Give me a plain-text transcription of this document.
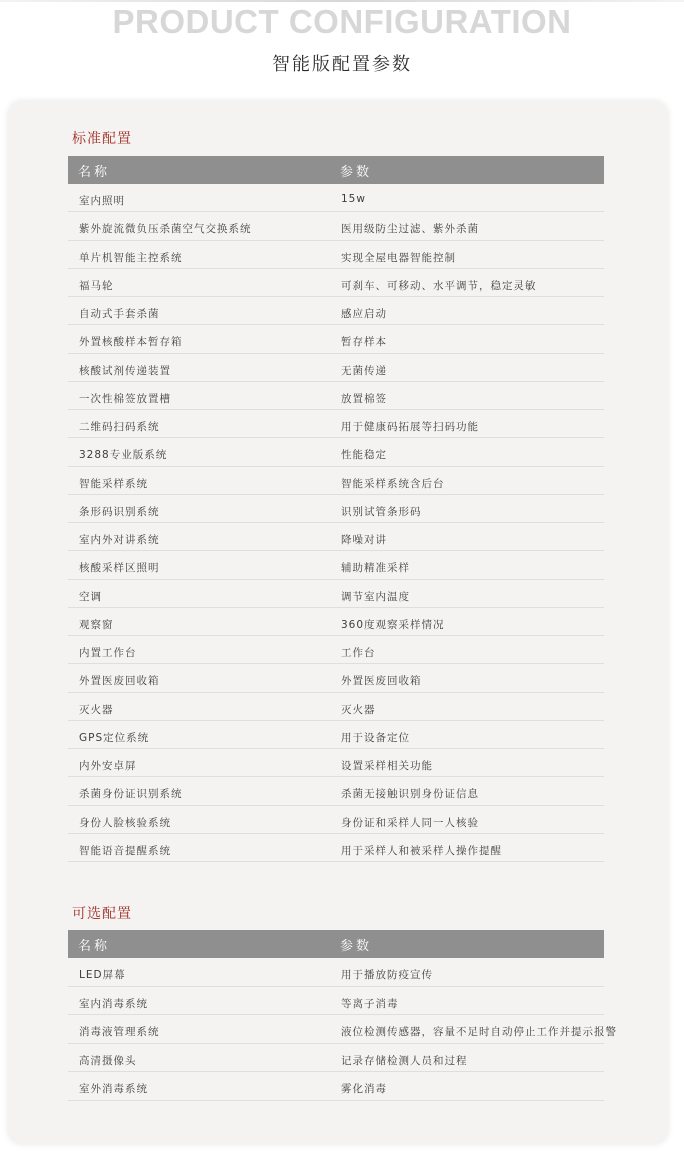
PRODUCT CONFIGURATION
智能版配置参数
标准配置
名称	参数
室内照明	15w
紫外旋流微负压杀菌空气交换系统	医用级防尘过滤、紫外杀菌
单片机智能主控系统	实现全屋电器智能控制
福马轮	可刹车、可移动、水平调节，稳定灵敏
自动式手套杀菌	感应启动
外置核酸样本暂存箱	暂存样本
核酸试剂传递装置	无菌传递
一次性棉签放置槽	放置棉签
二维码扫码系统	用于健康码拓展等扫码功能
3288专业版系统	性能稳定
智能采样系统	智能采样系统含后台
条形码识别系统	识别试管条形码
室内外对讲系统	降噪对讲
核酸采样区照明	辅助精准采样
空调	调节室内温度
观察窗	360度观察采样情况
内置工作台	工作台
外置医废回收箱	外置医废回收箱
灭火器	灭火器
GPS定位系统	用于设备定位
内外安卓屏	设置采样相关功能
杀菌身份证识别系统	杀菌无接触识别身份证信息
身份人脸核验系统	身份证和采样人同一人核验
智能语音提醒系统	用于采样人和被采样人操作提醒
可选配置
名称	参数
LED屏幕	用于播放防疫宣传
室内消毒系统	等离子消毒
消毒液管理系统	液位检测传感器，容量不足时自动停止工作并提示报警
高清摄像头	记录存储检测人员和过程
室外消毒系统	雾化消毒
